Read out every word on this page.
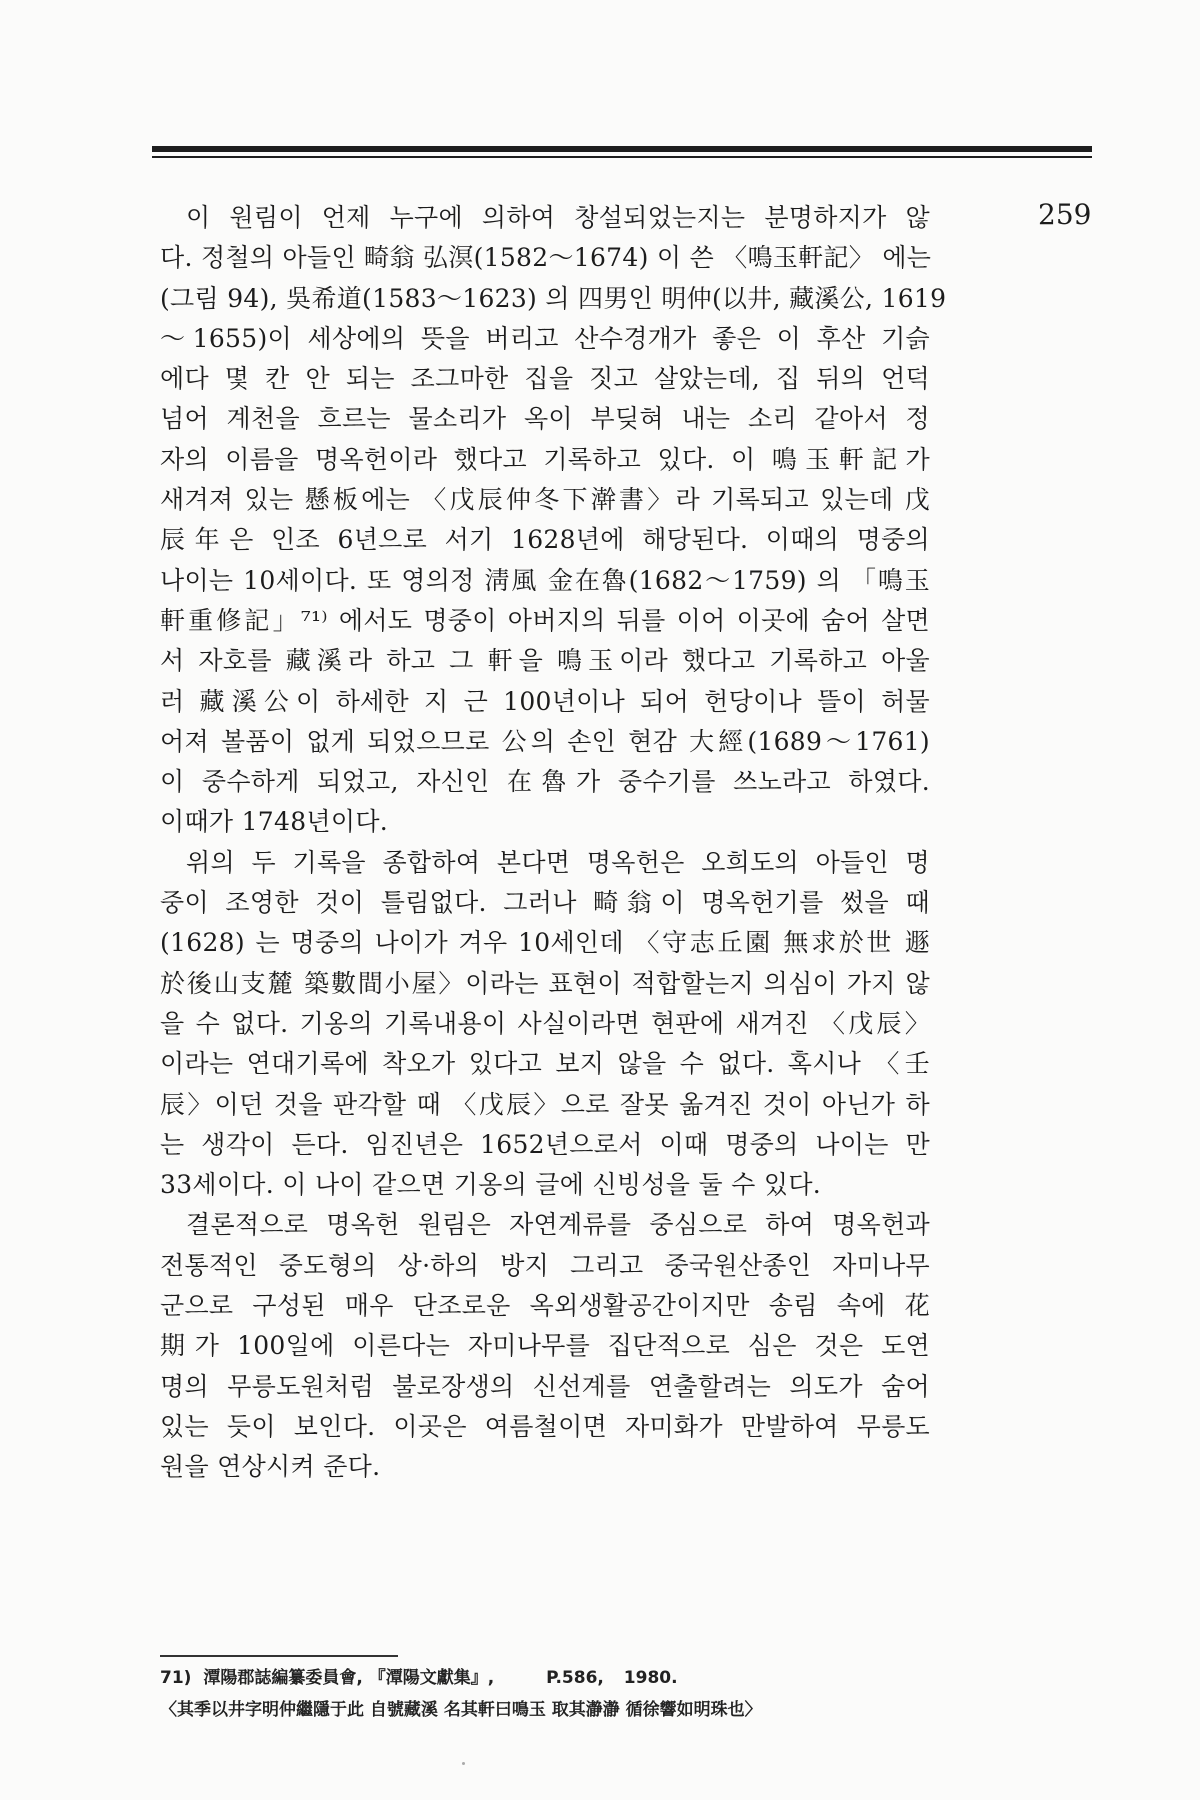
259
이 원림이 언제 누구에 의하여 창설되었는지는 분명하지가 않
다. 정철의 아들인 畸翁 弘溟(1582～1674) 이 쓴 〈鳴玉軒記〉 에는
(그림 94), 吳希道(1583～1623) 의 四男인 明仲(以井, 藏溪公, 1619
～1655)이 세상에의 뜻을 버리고 산수경개가 좋은 이 후산 기슭
에다 몇 칸 안 되는 조그마한 집을 짓고 살았는데, 집 뒤의 언덕
넘어 계천을 흐르는 물소리가 옥이 부딪혀 내는 소리 같아서 정
자의 이름을 명옥헌이라 했다고 기록하고 있다. 이 鳴玉軒記가
새겨져 있는 懸板에는 〈戊辰仲冬下澣書〉라 기록되고 있는데 戊
辰年은 인조 6년으로 서기 1628년에 해당된다. 이때의 명중의
나이는 10세이다. 또 영의정 淸風 金在魯(1682～1759) 의 「鳴玉
軒重修記」⁷¹⁾ 에서도 명중이 아버지의 뒤를 이어 이곳에 숨어 살면
서 자호를 藏溪라 하고 그 軒을 鳴玉이라 했다고 기록하고 아울
러 藏溪公이 하세한 지 근 100년이나 되어 헌당이나 뜰이 허물
어져 볼품이 없게 되었으므로 公의 손인 현감 大經(1689～1761)
이 중수하게 되었고, 자신인 在魯가 중수기를 쓰노라고 하였다.
이때가 1748년이다.
위의 두 기록을 종합하여 본다면 명옥헌은 오희도의 아들인 명
중이 조영한 것이 틀림없다. 그러나 畸翁이 명옥헌기를 썼을 때
(1628) 는 명중의 나이가 겨우 10세인데 〈守志丘園 無求於世 遯
於後山支麓 築數間小屋〉이라는 표현이 적합할는지 의심이 가지 않
을 수 없다. 기옹의 기록내용이 사실이라면 현판에 새겨진 〈戊辰〉
이라는 연대기록에 착오가 있다고 보지 않을 수 없다. 혹시나 〈壬
辰〉이던 것을 판각할 때 〈戊辰〉으로 잘못 옮겨진 것이 아닌가 하
는 생각이 든다. 임진년은 1652년으로서 이때 명중의 나이는 만
33세이다. 이 나이 같으면 기옹의 글에 신빙성을 둘 수 있다.
결론적으로 명옥헌 원림은 자연계류를 중심으로 하여 명옥헌과
전통적인 중도형의 상·하의 방지 그리고 중국원산종인 자미나무
군으로 구성된 매우 단조로운 옥외생활공간이지만 송림 속에 花
期가 100일에 이른다는 자미나무를 집단적으로 심은 것은 도연
명의 무릉도원처럼 불로장생의 신선계를 연출할려는 의도가 숨어
있는 듯이 보인다. 이곳은 여름철이면 자미화가 만발하여 무릉도
원을 연상시켜 준다.
71) 潭陽郡誌編纂委員會, 『潭陽文獻集』,	P.586, 1980.
〈其季以井字明仲繼隱于此 自號藏溪 名其軒曰鳴玉 取其瀞瀞 循徐響如明珠也〉
